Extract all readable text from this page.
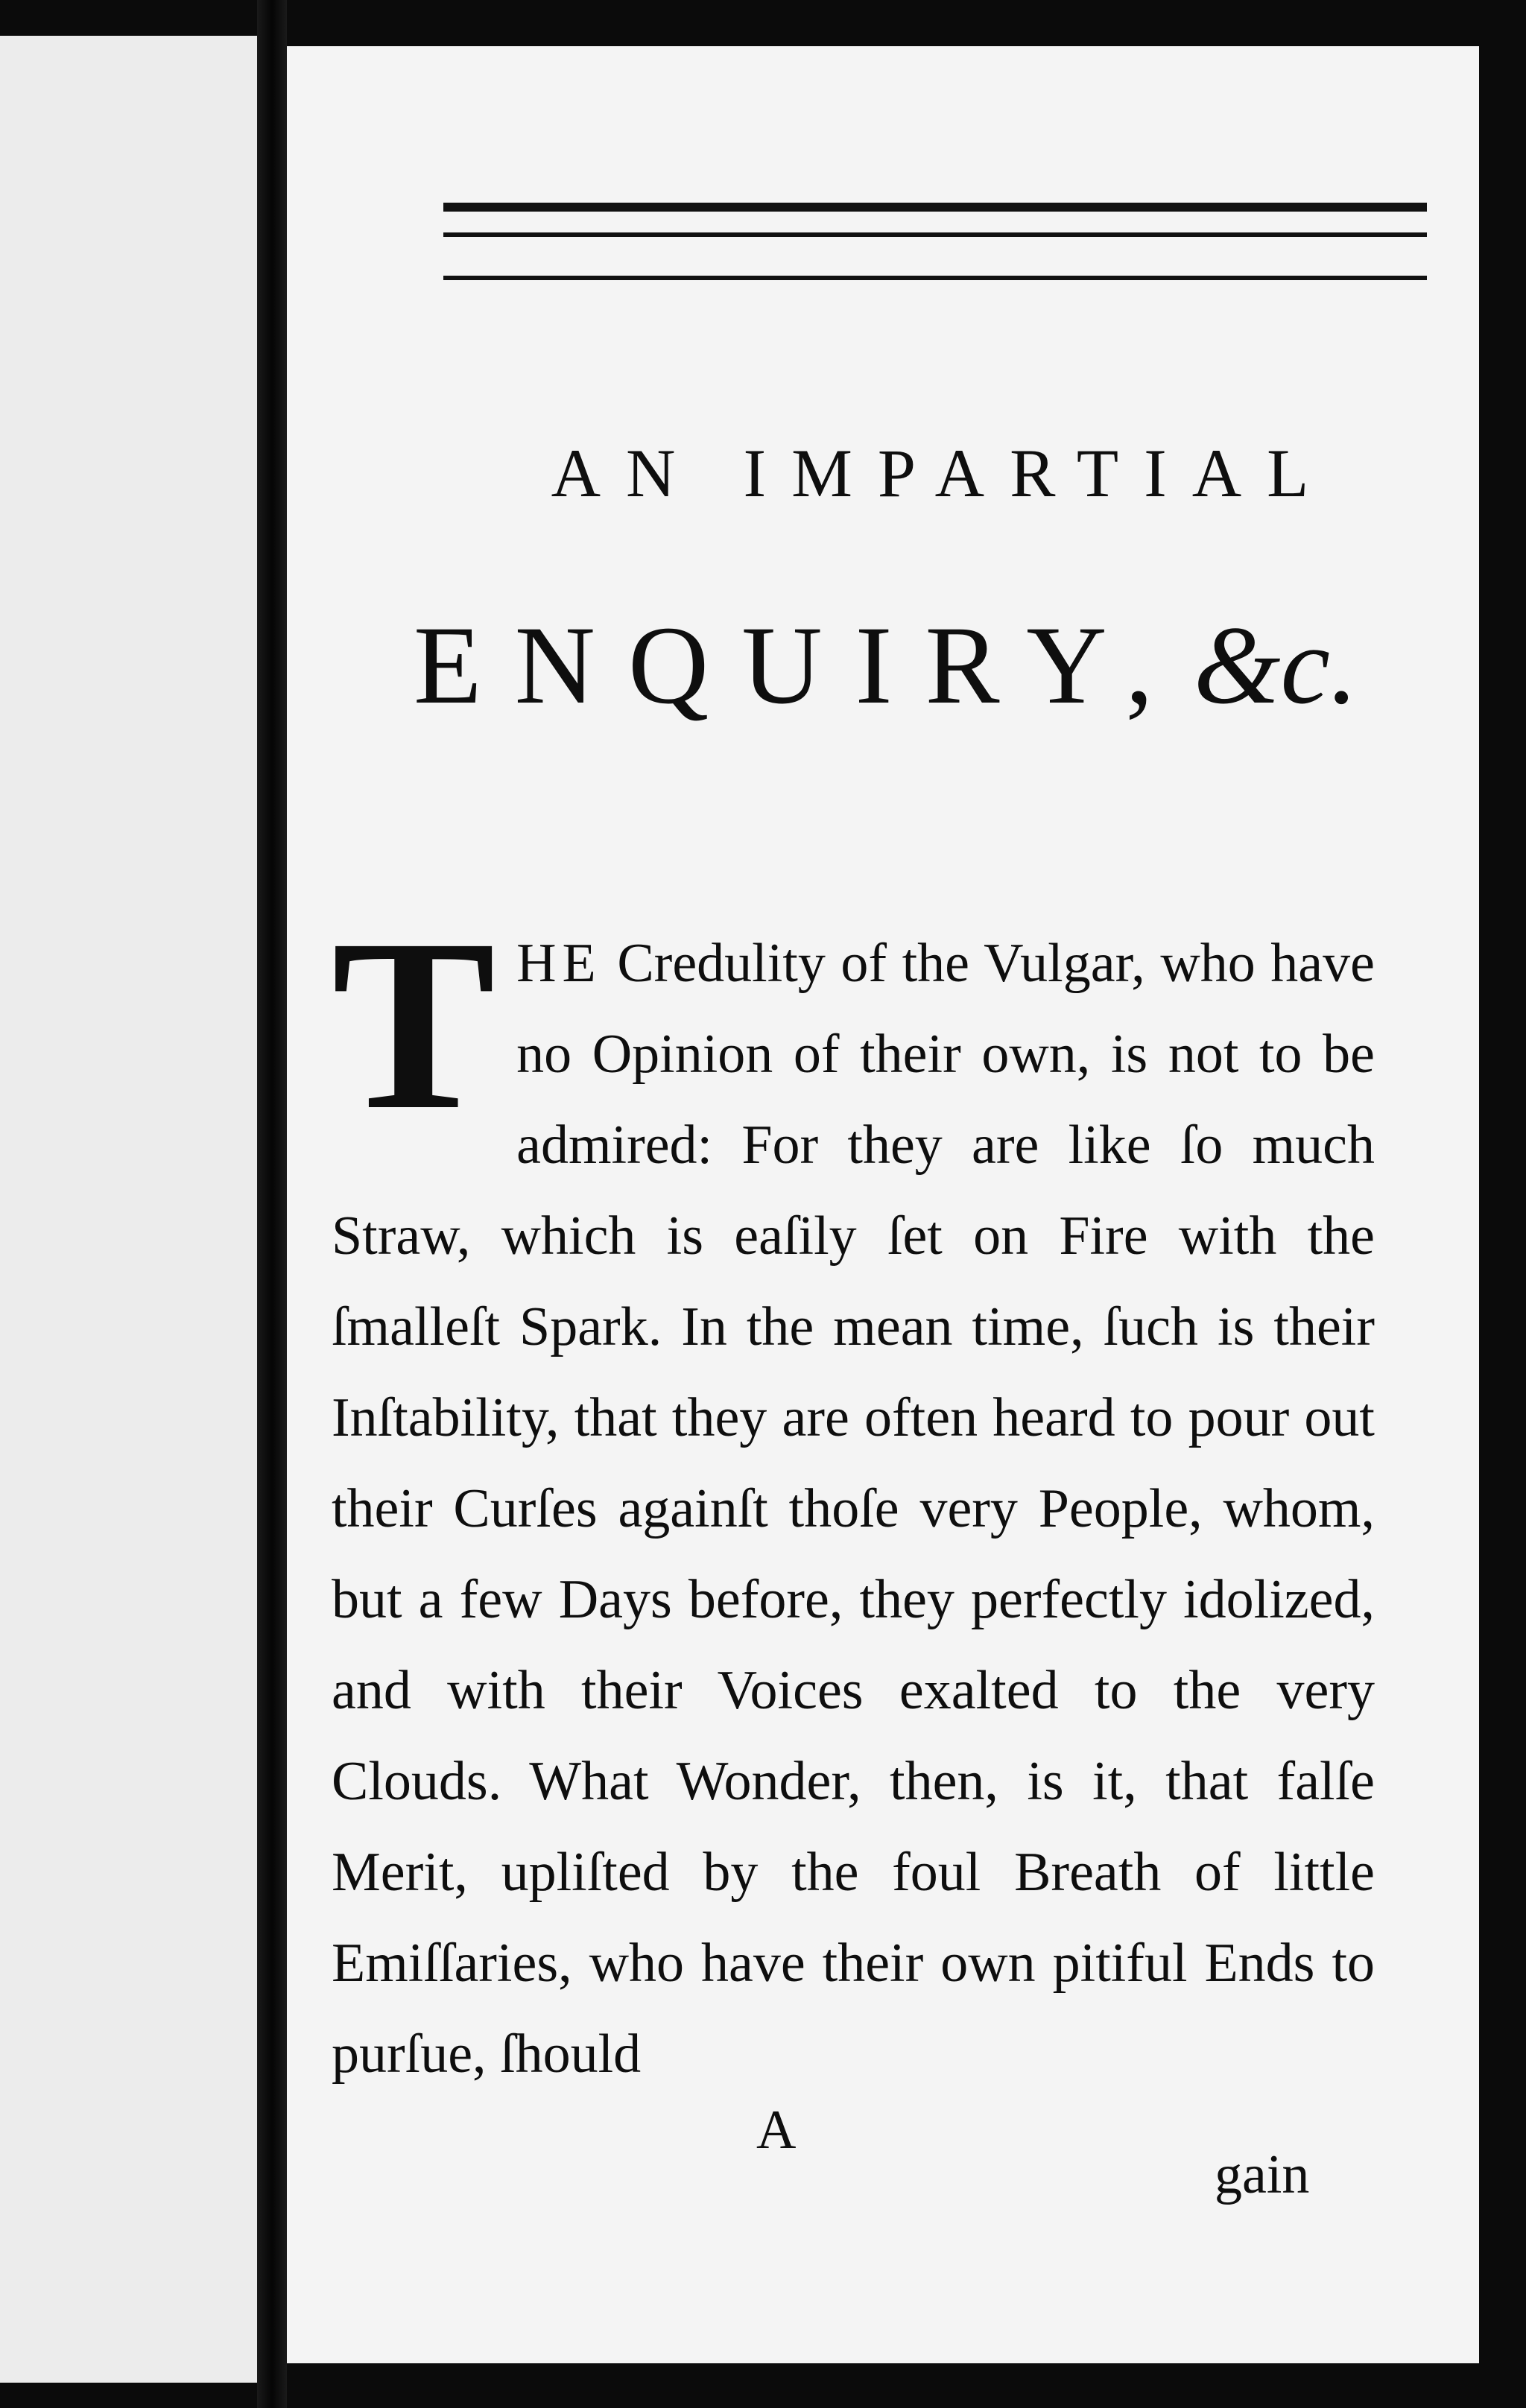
AN IMPARTIAL
ENQUIRY,&c.
T HE Credulity of the Vulgar, who have no Opinion of their own, is not to be admired: For they are like ſo much Straw, which is eaſily ſet on Fire with the ſmalleſt Spark. In the mean time, ſuch is their Inſtability, that they are often heard to pour out their Curſes againſt thoſe very People, whom, but a few Days before, they perfectly idolized, and with their Voices exalted to the very Clouds. What Wonder, then, is it, that falſe Merit, upliſted by the foul Breath of little Emiſſaries, who have their own pitiful Ends to purſue, ſhould
A
gain
